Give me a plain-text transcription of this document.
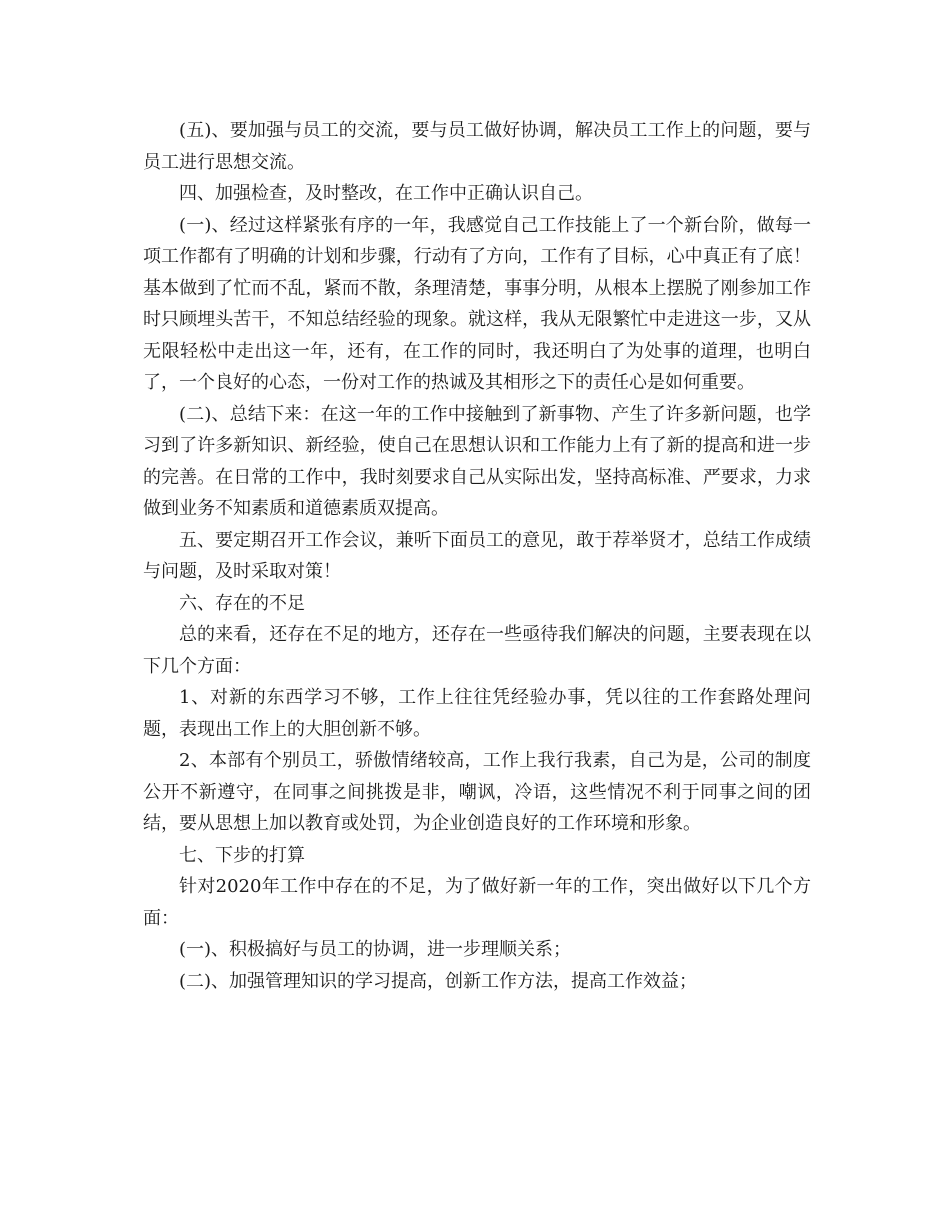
(五)、要加强与员工的交流，要与员工做好协调，解决员工工作上的问题，要与员工进行思想交流。

四、加强检查，及时整改，在工作中正确认识自己。

(一)、经过这样紧张有序的一年，我感觉自己工作技能上了一个新台阶，做每一项工作都有了明确的计划和步骤，行动有了方向，工作有了目标，心中真正有了底！基本做到了忙而不乱，紧而不散，条理清楚，事事分明，从根本上摆脱了刚参加工作时只顾埋头苦干，不知总结经验的现象。就这样，我从无限繁忙中走进这一步，又从无限轻松中走出这一年，还有，在工作的同时，我还明白了为处事的道理，也明白了，一个良好的心态，一份对工作的热诚及其相形之下的责任心是如何重要。

(二)、总结下来：在这一年的工作中接触到了新事物、产生了许多新问题，也学习到了许多新知识、新经验，使自己在思想认识和工作能力上有了新的提高和进一步的完善。在日常的工作中，我时刻要求自己从实际出发，坚持高标准、严要求，力求做到业务不知素质和道德素质双提高。

五、要定期召开工作会议，兼听下面员工的意见，敢于荐举贤才，总结工作成绩与问题，及时采取对策！

六、存在的不足

总的来看，还存在不足的地方，还存在一些亟待我们解决的问题，主要表现在以下几个方面：

1、对新的东西学习不够，工作上往往凭经验办事，凭以往的工作套路处理问题，表现出工作上的大胆创新不够。

2、本部有个别员工，骄傲情绪较高，工作上我行我素，自己为是，公司的制度公开不新遵守，在同事之间挑拨是非，嘲讽，冷语，这些情况不利于同事之间的团结，要从思想上加以教育或处罚，为企业创造良好的工作环境和形象。

七、下步的打算

针对2020年工作中存在的不足，为了做好新一年的工作，突出做好以下几个方面：

(一)、积极搞好与员工的协调，进一步理顺关系；

(二)、加强管理知识的学习提高，创新工作方法，提高工作效益；
